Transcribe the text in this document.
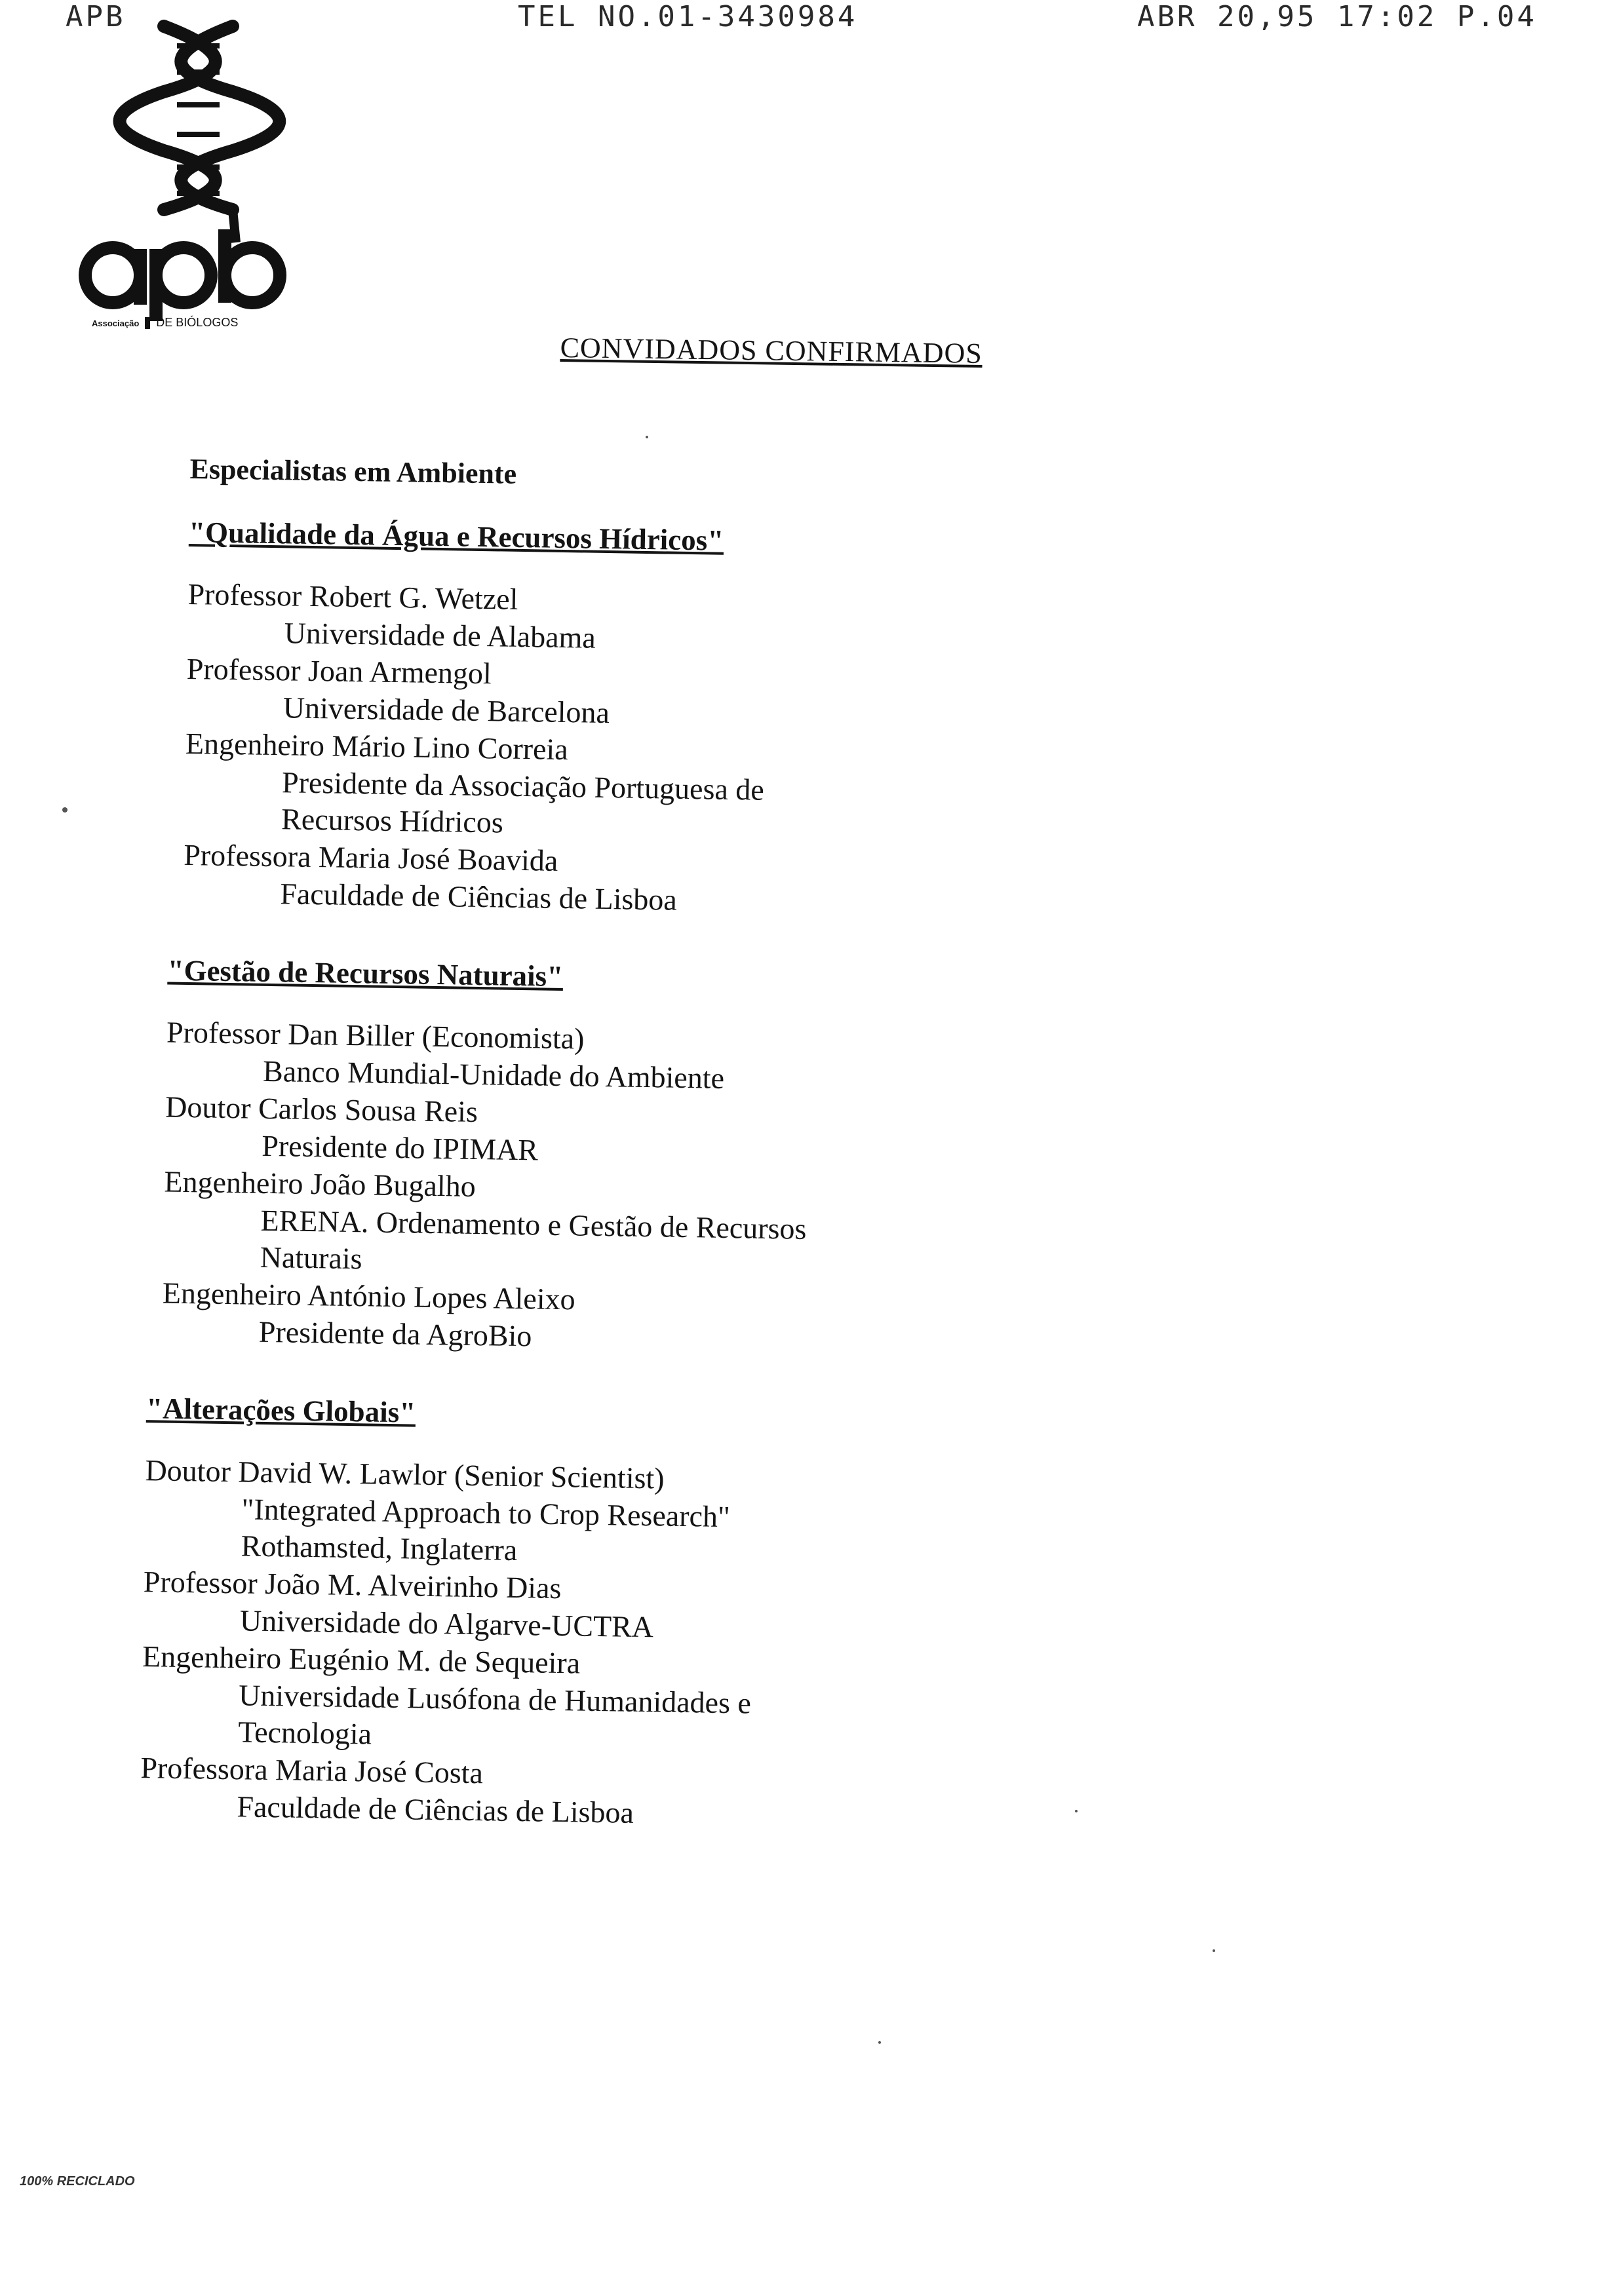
APB	TEL NO.01-3430984	ABR 20,95 17:02 P.04
Associação DE BIÓLOGOS
CONVIDADOS CONFIRMADOS
Especialistas em Ambiente
"Qualidade da Água e Recursos Hídricos"
Professor Robert G. Wetzel
Universidade de Alabama
Professor Joan Armengol
Universidade de Barcelona
Engenheiro Mário Lino Correia
Presidente da Associação Portuguesa de
Recursos Hídricos
Professora Maria José Boavida
Faculdade de Ciências de Lisboa
"Gestão de Recursos Naturais"
Professor Dan Biller (Economista)
Banco Mundial-Unidade do Ambiente
Doutor Carlos Sousa Reis
Presidente do IPIMAR
Engenheiro João Bugalho
ERENA. Ordenamento e Gestão de Recursos
Naturais
Engenheiro António Lopes Aleixo
Presidente da AgroBio
"Alterações Globais"
Doutor David W. Lawlor (Senior Scientist)
"Integrated Approach to Crop Research"
Rothamsted, Inglaterra
Professor João M. Alveirinho Dias
Universidade do Algarve-UCTRA
Engenheiro Eugénio M. de Sequeira
Universidade Lusófona de Humanidades e
Tecnologia
Professora Maria José Costa
Faculdade de Ciências de Lisboa
100% RECICLADO
